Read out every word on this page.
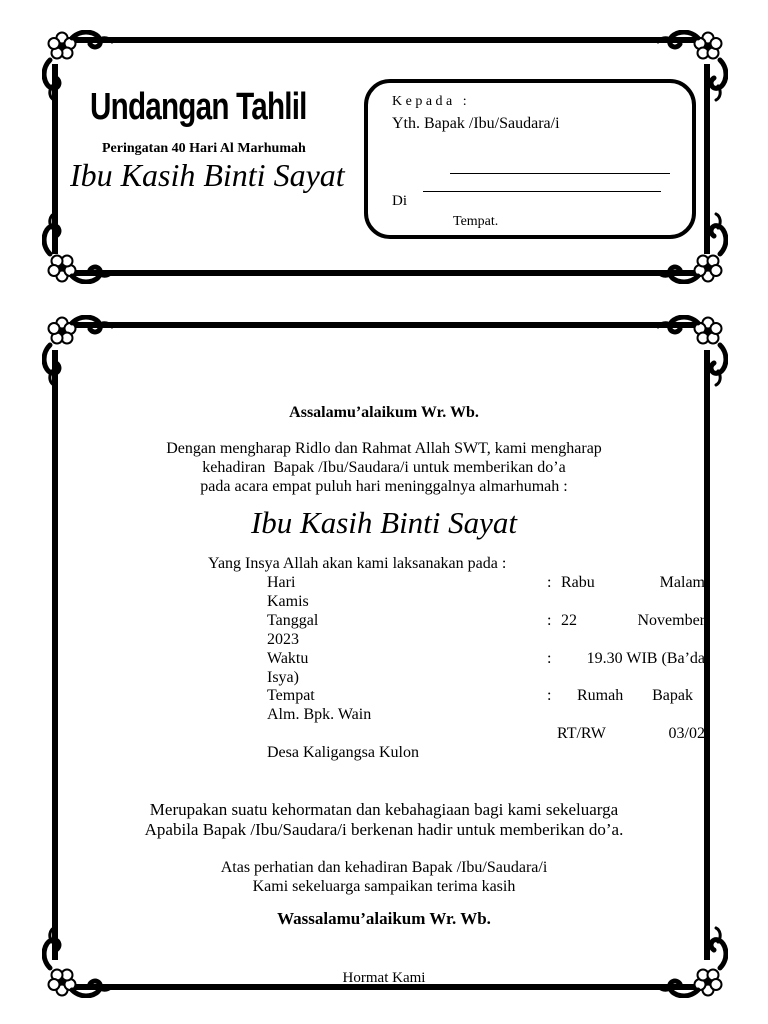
Undangan Tahlil
Peringatan 40 Hari Al Marhumah
Ibu Kasih Binti Sayat
K e p a d a   :
Yth. Bapak /Ibu/Saudara/i
Di
Tempat.
Assalamu’alaikum Wr. Wb.
Dengan mengharap Ridlo dan Rahmat Allah SWT, kami mengharap
kehadiran  Bapak /Ibu/Saudara/i untuk memberikan do’a
pada acara empat puluh hari meninggalnya almarhumah :
Ibu Kasih Binti Sayat
Yang Insya Allah akan kami laksanakan pada :
Hari	: Rabu	Malam
Kamis
Tanggal	: 22	November
2023
Waktu	: 19.30 WIB (Ba’da
Isya)
Tempat	: Rumah Bapak
Alm. Bpk. Wain
RT/RW	03/02
Desa Kaligangsa Kulon
Merupakan suatu kehormatan dan kebahagiaan bagi kami sekeluarga
Apabila Bapak /Ibu/Saudara/i berkenan hadir untuk memberikan do’a.
Atas perhatian dan kehadiran Bapak /Ibu/Saudara/i
Kami sekeluarga sampaikan terima kasih
Wassalamu’alaikum Wr. Wb.
Hormat Kami
